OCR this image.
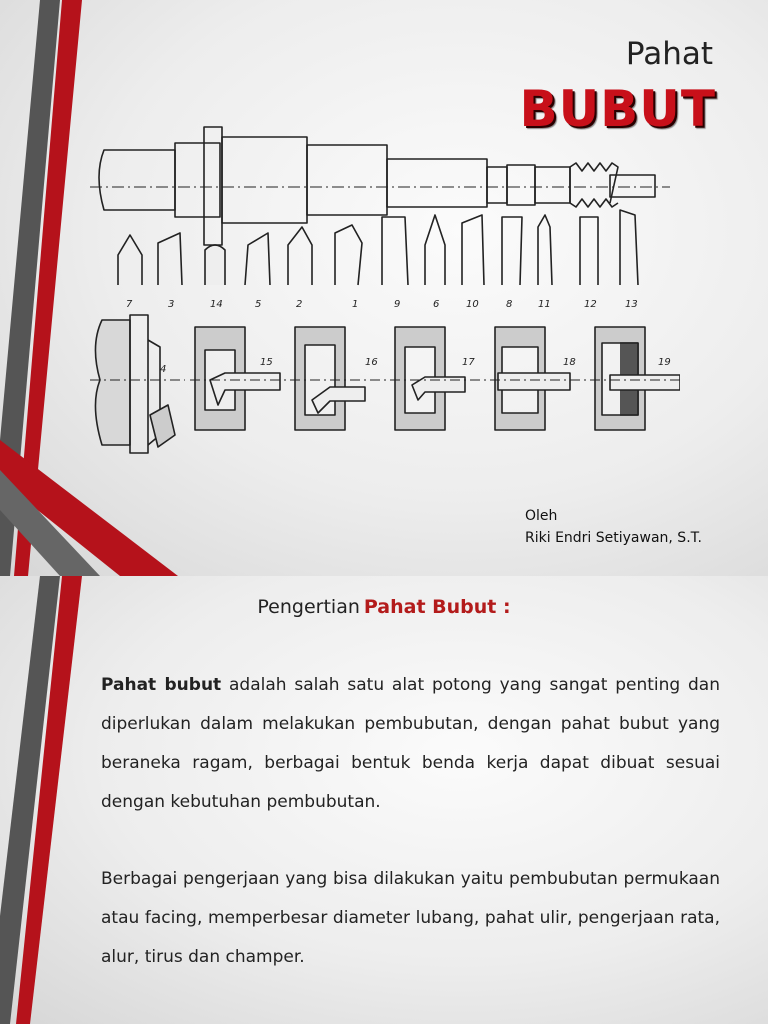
Pahat
BUBUT
7	3	14	5	2	1	9	6	10	8	11	12	13
4
15	16	17	18	19
Oleh
Riki Endri Setiyawan, S.T.
Pengertian Pahat Bubut :

Pahat bubut adalah salah satu alat potong yang sangat penting dan diperlukan dalam melakukan pembubutan, dengan pahat bubut yang beraneka ragam, berbagai bentuk benda kerja dapat dibuat sesuai dengan kebutuhan pembubutan.

Berbagai pengerjaan yang bisa dilakukan yaitu pembubutan permukaan atau facing, memperbesar diameter lubang, pahat ulir, pengerjaan rata, alur, tirus dan champer.
